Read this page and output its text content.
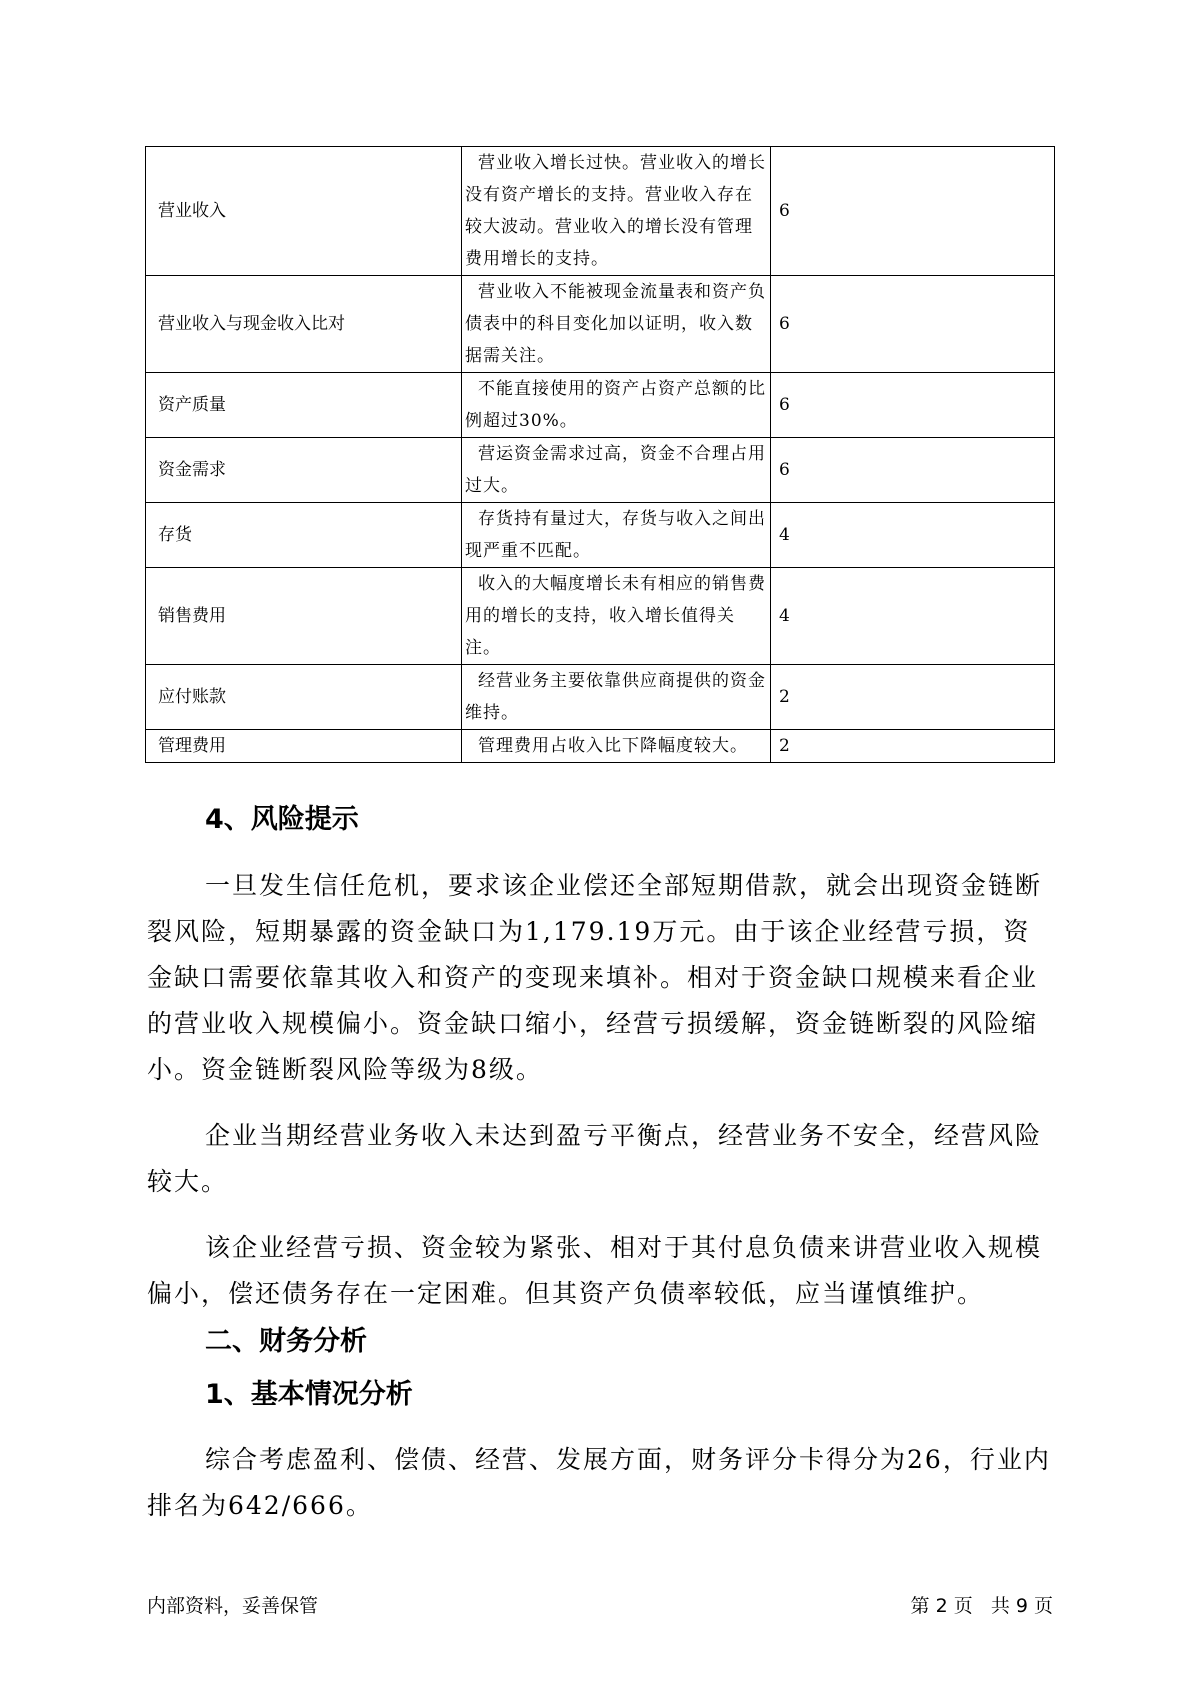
营业收入	营业收入增长过快。营业收入的增长没有资产增长的支持。营业收入存在较大波动。营业收入的增长没有管理费用增长的支持。	6
营业收入与现金收入比对	营业收入不能被现金流量表和资产负债表中的科目变化加以证明，收入数据需关注。	6
资产质量	不能直接使用的资产占资产总额的比例超过30%。	6
资金需求	营运资金需求过高，资金不合理占用过大。	6
存货	存货持有量过大，存货与收入之间出现严重不匹配。	4
销售费用	收入的大幅度增长未有相应的销售费用的增长的支持，收入增长值得关注。	4
应付账款	经营业务主要依靠供应商提供的资金维持。	2
管理费用	管理费用占收入比下降幅度较大。	2
4、风险提示

一旦发生信任危机，要求该企业偿还全部短期借款，就会出现资金链断裂风险，短期暴露的资金缺口为1,179.19万元。由于该企业经营亏损，资金缺口需要依靠其收入和资产的变现来填补。相对于资金缺口规模来看企业的营业收入规模偏小。资金缺口缩小，经营亏损缓解，资金链断裂的风险缩小。资金链断裂风险等级为8级。

企业当期经营业务收入未达到盈亏平衡点，经营业务不安全，经营风险较大。

该企业经营亏损、资金较为紧张、相对于其付息负债来讲营业收入规模偏小，偿还债务存在一定困难。但其资产负债率较低，应当谨慎维护。

二、财务分析
1、基本情况分析

综合考虑盈利、偿债、经营、发展方面，财务评分卡得分为26，行业内排名为642/666。

内部资料，妥善保管	第 2 页   共 9 页
